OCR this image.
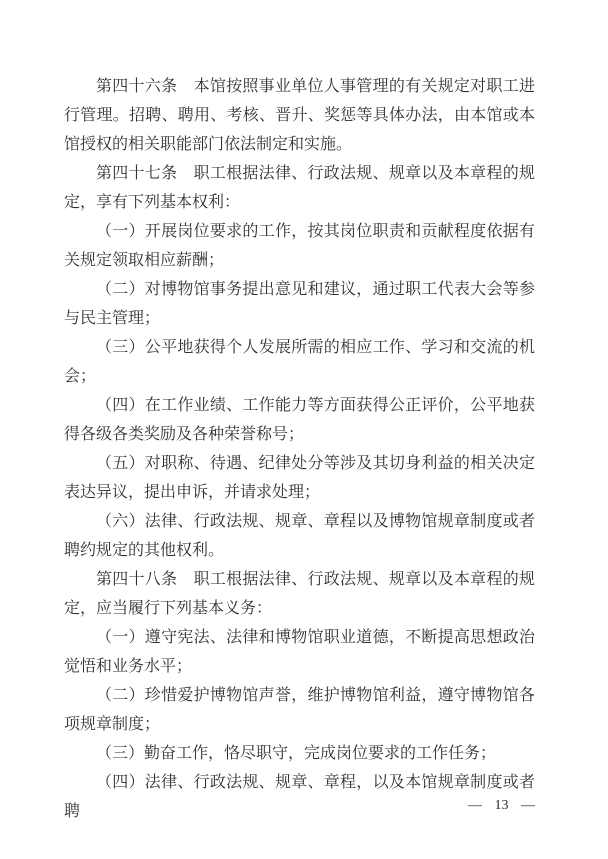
第四十六条　本馆按照事业单位人事管理的有关规定对职工进行管理。招聘、聘用、考核、晋升、奖惩等具体办法，由本馆或本馆授权的相关职能部门依法制定和实施。

第四十七条　职工根据法律、行政法规、规章以及本章程的规定，享有下列基本权利：

（一）开展岗位要求的工作，按其岗位职责和贡献程度依据有关规定领取相应薪酬；

（二）对博物馆事务提出意见和建议，通过职工代表大会等参与民主管理；

（三）公平地获得个人发展所需的相应工作、学习和交流的机会；

（四）在工作业绩、工作能力等方面获得公正评价，公平地获得各级各类奖励及各种荣誉称号；

（五）对职称、待遇、纪律处分等涉及其切身利益的相关决定表达异议，提出申诉，并请求处理；

（六）法律、行政法规、规章、章程以及博物馆规章制度或者聘约规定的其他权利。

第四十八条　职工根据法律、行政法规、规章以及本章程的规定，应当履行下列基本义务：

（一）遵守宪法、法律和博物馆职业道德，不断提高思想政治觉悟和业务水平；

（二）珍惜爱护博物馆声誉，维护博物馆利益，遵守博物馆各项规章制度；

（三）勤奋工作，恪尽职守，完成岗位要求的工作任务；

（四）法律、行政法规、规章、章程，以及本馆规章制度或者聘	— 13 —
